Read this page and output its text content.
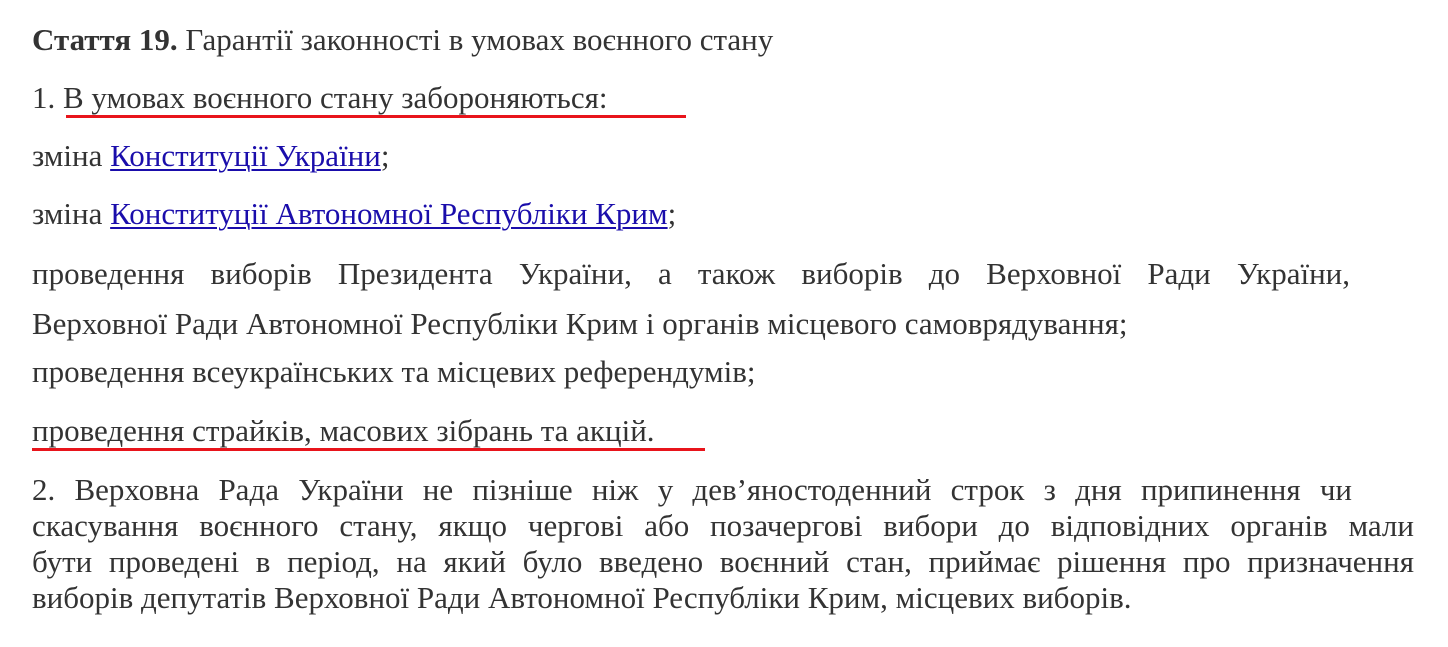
Стаття 19. Гарантії законності в умовах воєнного стану
1. В умовах воєнного стану забороняються:
зміна Конституції України;
зміна Конституції Автономної Республіки Крим;
проведення виборів Президента України, а також виборів до Верховної Ради України,
Верховної Ради Автономної Республіки Крим і органів місцевого самоврядування;
проведення всеукраїнських та місцевих референдумів;
проведення страйків, масових зібрань та акцій.
2. Верховна Рада України не пізніше ніж у дев’яностоденний строк з дня припинення чи
скасування воєнного стану, якщо чергові або позачергові вибори до відповідних органів мали
бути проведені в період, на який було введено воєнний стан, приймає рішення про призначення
виборів депутатів Верховної Ради Автономної Республіки Крим, місцевих виборів.
